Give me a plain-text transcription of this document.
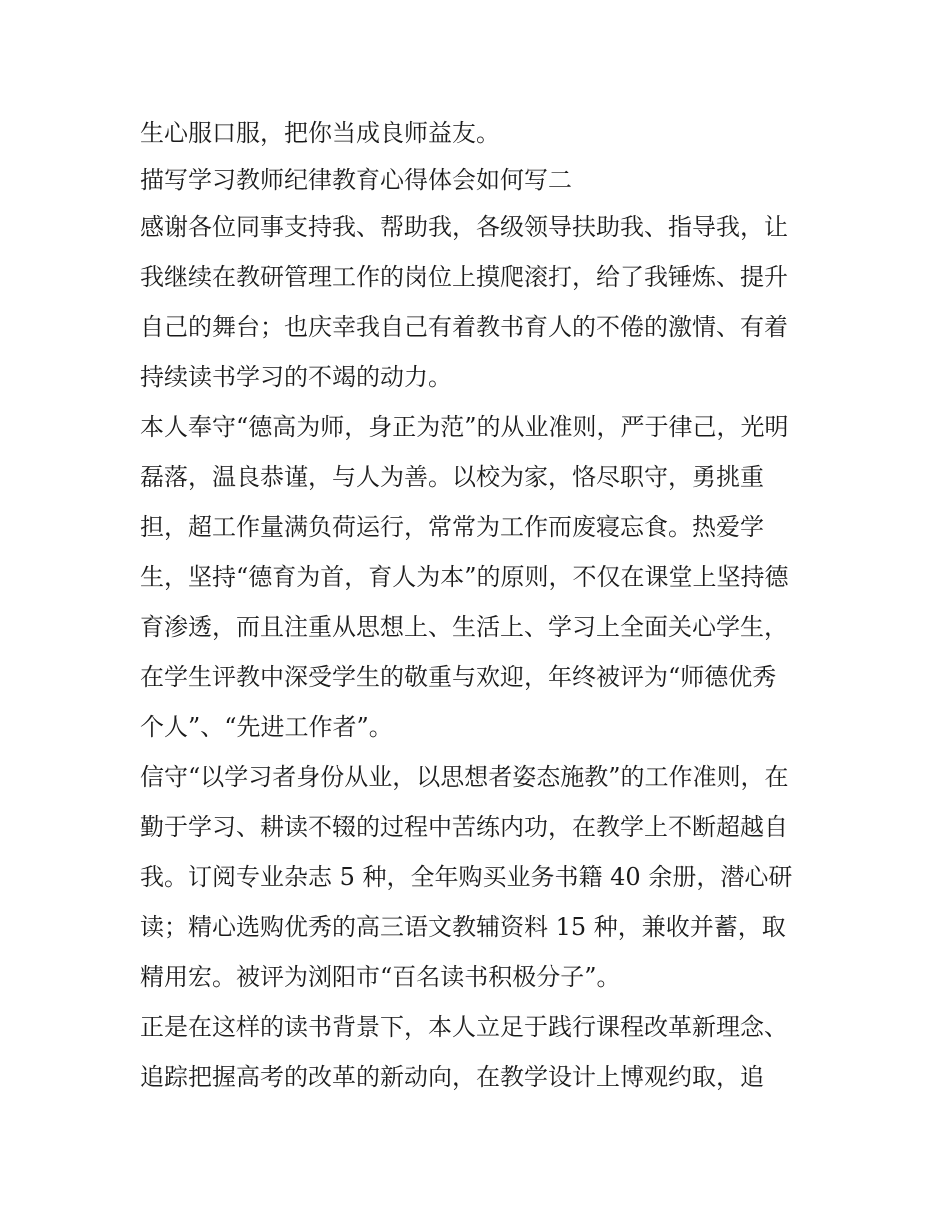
生心服口服，把你当成良师益友。
描写学习教师纪律教育心得体会如何写二
感谢各位同事支持我、帮助我，各级领导扶助我、指导我，让
我继续在教研管理工作的岗位上摸爬滚打，给了我锤炼、提升
自己的舞台；也庆幸我自己有着教书育人的不倦的激情、有着
持续读书学习的不竭的动力。
本人奉守“德高为师，身正为范”的从业准则，严于律己，光明
磊落，温良恭谨，与人为善。以校为家，恪尽职守，勇挑重
担，超工作量满负荷运行，常常为工作而废寝忘食。热爱学
生，坚持“德育为首，育人为本”的原则，不仅在课堂上坚持德
育渗透，而且注重从思想上、生活上、学习上全面关心学生，
在学生评教中深受学生的敬重与欢迎，年终被评为“师德优秀
个人”、“先进工作者”。
信守“以学习者身份从业，以思想者姿态施教”的工作准则，在
勤于学习、耕读不辍的过程中苦练内功，在教学上不断超越自
我。订阅专业杂志 5 种，全年购买业务书籍 40 余册，潜心研
读；精心选购优秀的高三语文教辅资料 15 种，兼收并蓄，取
精用宏。被评为浏阳市“百名读书积极分子”。
正是在这样的读书背景下，本人立足于践行课程改革新理念、
追踪把握高考的改革的新动向，在教学设计上博观约取，追
